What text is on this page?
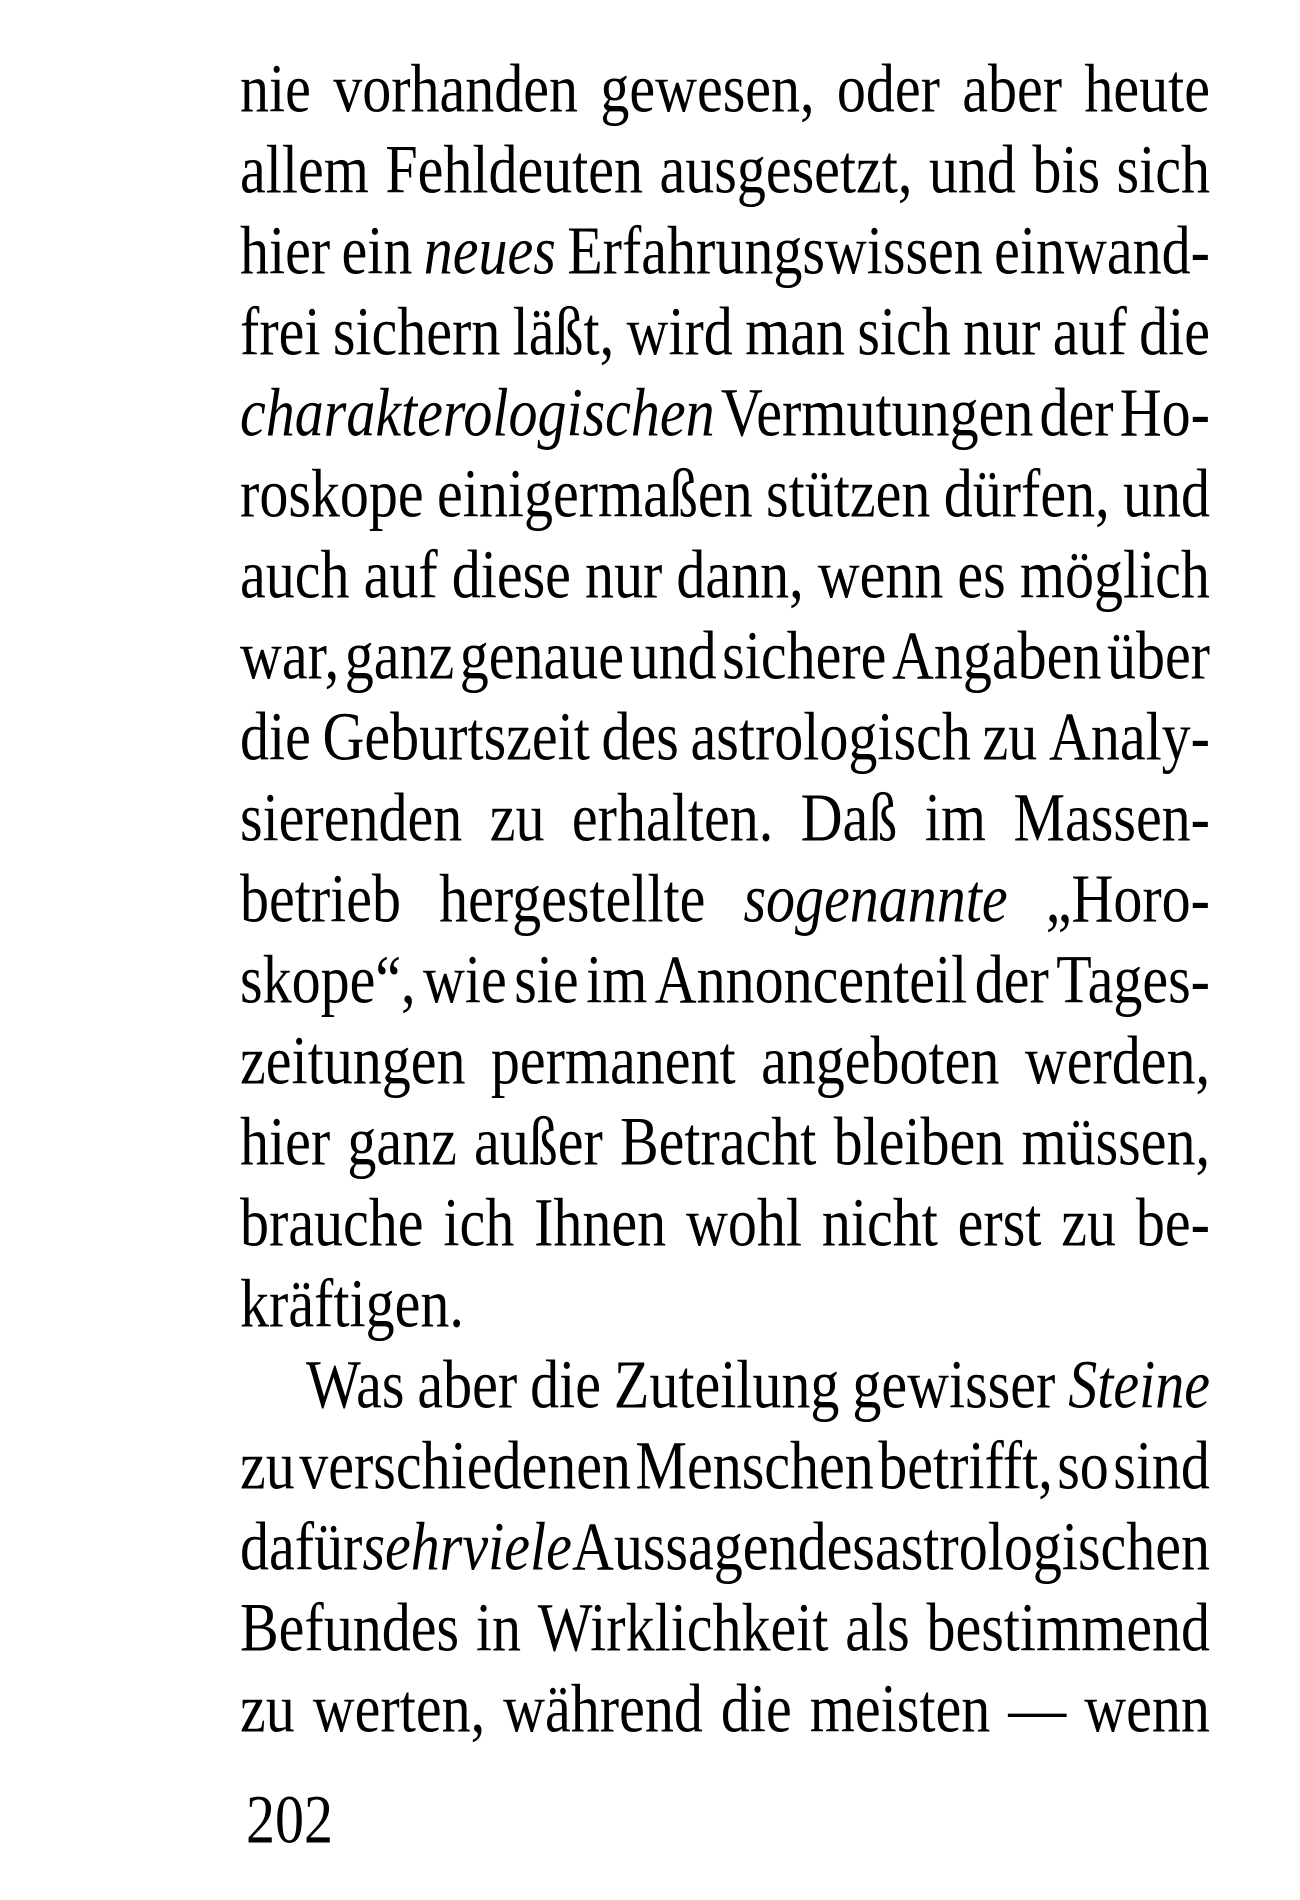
nie vorhanden gewesen, oder aber heute
allem Fehldeuten ausgesetzt, und bis sich
hier ein neues Erfahrungswissen einwand-
frei sichern läßt, wird man sich nur auf die
charakterologischen Vermutungen der Ho-
roskope einigermaßen stützen dürfen, und
auch auf diese nur dann, wenn es möglich
war, ganz genaue und sichere Angaben über
die Geburtszeit des astrologisch zu Analy-
sierenden zu erhalten. Daß im Massen-
betrieb hergestellte sogenannte „Horo-
skope“, wie sie im Annoncenteil der Tages-
zeitungen permanent angeboten werden,
hier ganz außer Betracht bleiben müssen,
brauche ich Ihnen wohl nicht erst zu be-
kräftigen.
Was aber die Zuteilung gewisser Steine
zu verschiedenen Menschen betrifft, so sind
dafür sehr viele Aussagen des astrologischen
Befundes in Wirklichkeit als bestimmend
zu werten, während die meisten — wenn
202
